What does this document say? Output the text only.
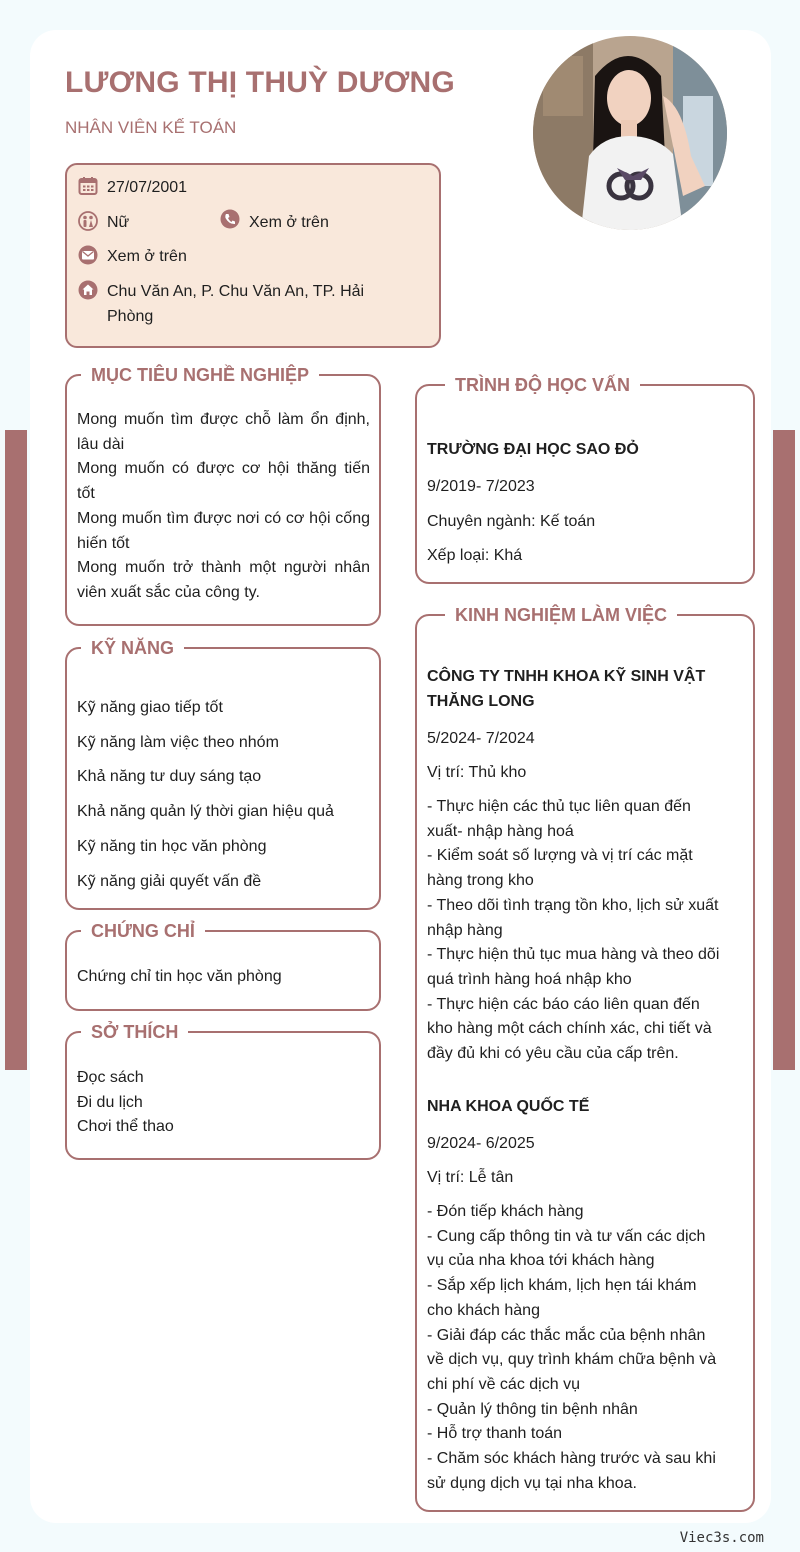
LƯƠNG THỊ THUỲ DƯƠNG

NHÂN VIÊN KẾ TOÁN

27/07/2001
Nữ	Xem ở trên
Xem ở trên
Chu Văn An, P. Chu Văn An, TP. Hải
Phòng
MỤC TIÊU NGHỀ NGHIỆP

Mong muốn tìm được chỗ làm ổn định, lâu dài

Mong muốn có được cơ hội thăng tiến tốt

Mong muốn tìm được nơi có cơ hội cống hiến tốt

Mong muốn trở thành một người nhân viên xuất sắc của công ty.

KỸ NĂNG
Kỹ năng giao tiếp tốt
Kỹ năng làm việc theo nhóm
Khả năng tư duy sáng tạo
Khả năng quản lý thời gian hiệu quả
Kỹ năng tin học văn phòng
Kỹ năng giải quyết vấn đề
CHỨNG CHỈ
Chứng chỉ tin học văn phòng
SỞ THÍCH
Đọc sách
Đi du lịch
Chơi thể thao
TRÌNH ĐỘ HỌC VẤN
TRƯỜNG ĐẠI HỌC SAO ĐỎ
9/2019- 7/2023
Chuyên ngành: Kế toán
Xếp loại: Khá
KINH NGHIỆM LÀM VIỆC
CÔNG TY TNHH KHOA KỸ SINH VẬT
THĂNG LONG
5/2024- 7/2024
Vị trí: Thủ kho
- Thực hiện các thủ tục liên quan đến xuất- nhập hàng hoá
- Kiểm soát số lượng và vị trí các mặt hàng trong kho
- Theo dõi tình trạng tồn kho, lịch sử xuất nhập hàng
- Thực hiện thủ tục mua hàng và theo dõi quá trình hàng hoá nhập kho
- Thực hiện các báo cáo liên quan đến kho hàng một cách chính xác, chi tiết và đầy đủ khi có yêu cầu của cấp trên.
NHA KHOA QUỐC TẾ
9/2024- 6/2025
Vị trí: Lễ tân
- Đón tiếp khách hàng
- Cung cấp thông tin và tư vấn các dịch vụ của nha khoa tới khách hàng
- Sắp xếp lịch khám, lịch hẹn tái khám cho khách hàng
- Giải đáp các thắc mắc của bệnh nhân về dịch vụ, quy trình khám chữa bệnh và chi phí về các dịch vụ
- Quản lý thông tin bệnh nhân
- Hỗ trợ thanh toán
- Chăm sóc khách hàng trước và sau khi sử dụng dịch vụ tại nha khoa.
Viec3s.com
